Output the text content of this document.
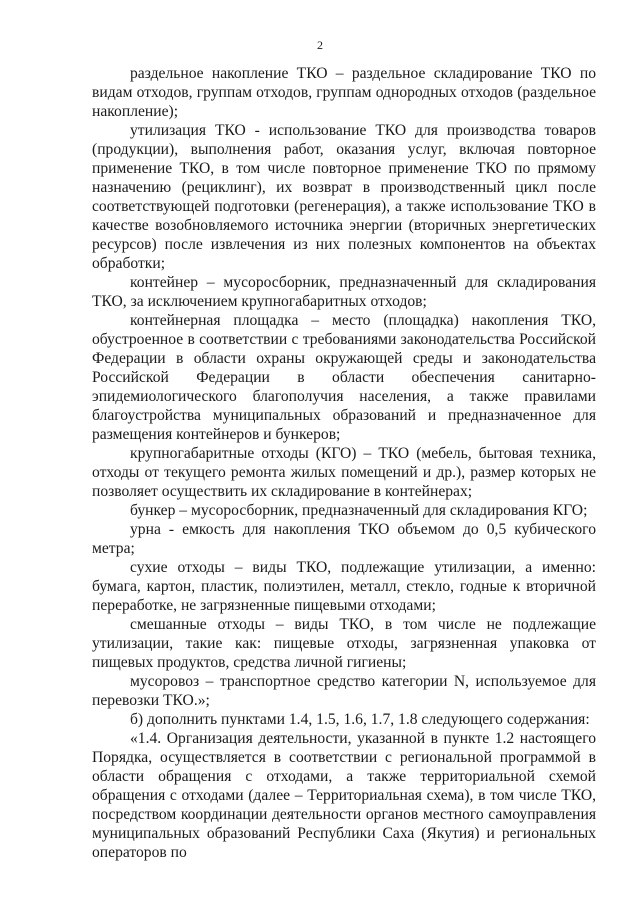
2

раздельное накопление ТКО – раздельное складирование ТКО по видам отходов, группам отходов, группам однородных отходов (раздельное накопление);

утилизация ТКО - использование ТКО для производства товаров (продукции), выполнения работ, оказания услуг, включая повторное применение ТКО, в том числе повторное применение ТКО по прямому назначению (рециклинг), их возврат в производственный цикл после соответствующей подготовки (регенерация), а также использование ТКО в качестве возобновляемого источника энергии (вторичных энергетических ресурсов) после извлечения из них полезных компонентов на объектах обработки;

контейнер – мусоросборник, предназначенный для складирования ТКО, за исключением крупногабаритных отходов;

контейнерная площадка – место (площадка) накопления ТКО, обустроенное в соответствии с требованиями законодательства Российской Федерации в области охраны окружающей среды и законодательства Российской Федерации в области обеспечения санитарно-эпидемиологического благополучия населения, а также правилами благоустройства муниципальных образований и предназначенное для размещения контейнеров и бункеров;

крупногабаритные отходы (КГО) – ТКО (мебель, бытовая техника, отходы от текущего ремонта жилых помещений и др.), размер которых не позволяет осуществить их складирование в контейнерах;

бункер – мусоросборник, предназначенный для складирования КГО;

урна - емкость для накопления ТКО объемом до 0,5 кубического метра;

сухие отходы – виды ТКО, подлежащие утилизации, а именно: бумага, картон, пластик, полиэтилен, металл, стекло, годные к вторичной переработке, не загрязненные пищевыми отходами;

смешанные отходы – виды ТКО, в том числе не подлежащие утилизации, такие как: пищевые отходы, загрязненная упаковка от пищевых продуктов, средства личной гигиены;

мусоровоз – транспортное средство категории N, используемое для перевозки ТКО.»;

б) дополнить пунктами 1.4, 1.5, 1.6, 1.7, 1.8 следующего содержания:

«1.4. Организация деятельности, указанной в пункте 1.2 настоящего Порядка, осуществляется в соответствии с региональной программой в области обращения с отходами, а также территориальной схемой обращения с отходами (далее – Территориальная схема), в том числе ТКО, посредством координации деятельности органов местного самоуправления муниципальных образований Республики Саха (Якутия) и региональных операторов по
